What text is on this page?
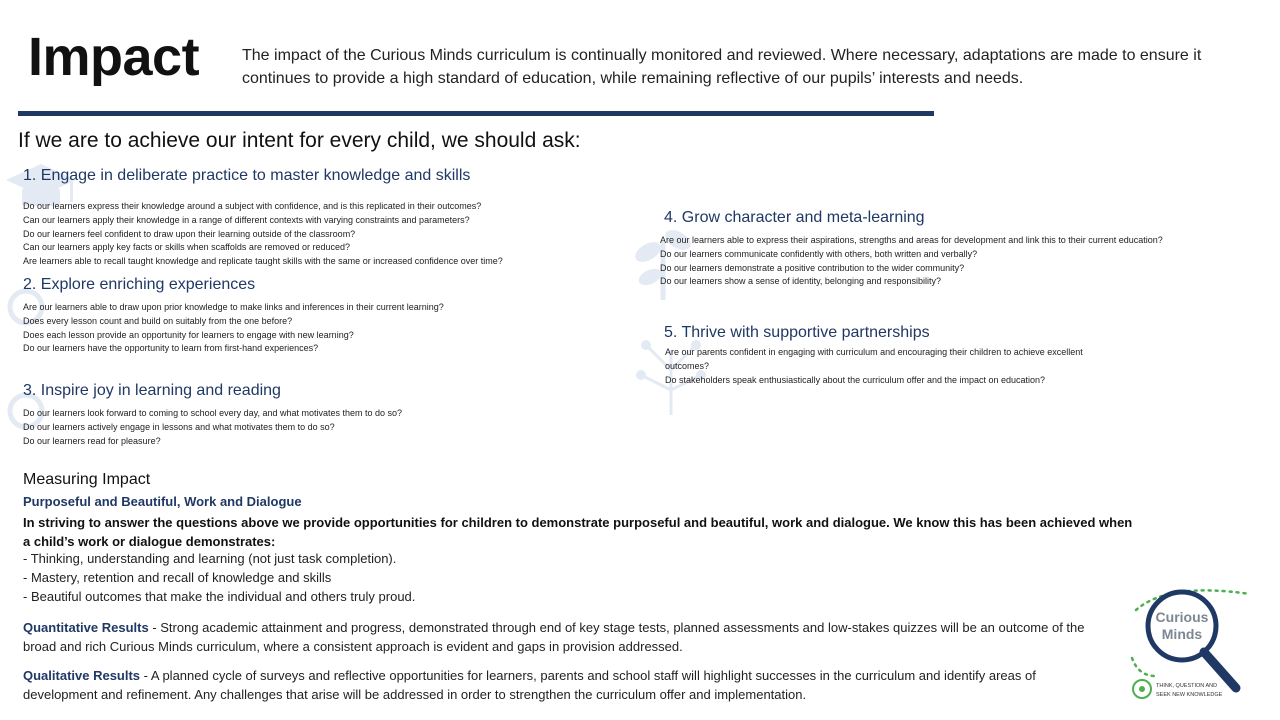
Impact	The impact of the Curious Minds curriculum is continually monitored and reviewed. Where necessary, adaptations are made to ensure it continues to provide a high standard of education, while remaining reflective of our pupils’ interests and needs.
If we are to achieve our intent for every child, we should ask:
1. Engage in deliberate practice to master knowledge and skills
Do our learners express their knowledge around a subject with confidence, and is this replicated in their outcomes?
Can our learners apply their knowledge in a range of different contexts with varying constraints and parameters?
Do our learners feel confident to draw upon their learning outside of the classroom?
Can our learners apply key facts or skills when scaffolds are removed or reduced?
Are learners able to recall taught knowledge and replicate taught skills with the same or increased confidence over time?
2. Explore enriching experiences
Are our learners able to draw upon prior knowledge to make links and inferences in their current learning?
Does every lesson count and build on suitably from the one before?
Does each lesson provide an opportunity for learners to engage with new learning?
Do our learners have the opportunity to learn from first-hand experiences?
3. Inspire joy in learning and reading
Do our learners look forward to coming to school every day, and what motivates them to do so?
Do our learners actively engage in lessons and what motivates them to do so?
Do our learners read for pleasure?
4. Grow character and meta-learning
Are our learners able to express their aspirations, strengths and areas for development and link this to their current education?
Do our learners communicate confidently with others, both written and verbally?
Do our learners demonstrate a positive contribution to the wider community?
Do our learners show a sense of identity, belonging and responsibility?
5. Thrive with supportive partnerships
Are our parents confident in engaging with curriculum and encouraging their children to achieve excellent outcomes?
Do stakeholders speak enthusiastically about the curriculum offer and the impact on education?
Measuring Impact
Purposeful and Beautiful, Work and Dialogue
In striving to answer the questions above we provide opportunities for children to demonstrate purposeful and beautiful, work and dialogue. We know this has been achieved when a child’s work or dialogue demonstrates:
- Thinking, understanding and learning (not just task completion).
- Mastery, retention and recall of knowledge and skills
- Beautiful outcomes that make the individual and others truly proud.
Quantitative Results - Strong academic attainment and progress, demonstrated through end of key stage tests, planned assessments and low-stakes quizzes will be an outcome of the broad and rich Curious Minds curriculum, where a consistent approach is evident and gaps in provision addressed.
Qualitative Results - A planned cycle of surveys and reflective opportunities for learners, parents and school staff will highlight successes in the curriculum and identify areas of development and refinement. Any challenges that arise will be addressed in order to strengthen the curriculum offer and implementation.
Curious
Minds
THINK, QUESTION AND
SEEK NEW KNOWLEDGE
